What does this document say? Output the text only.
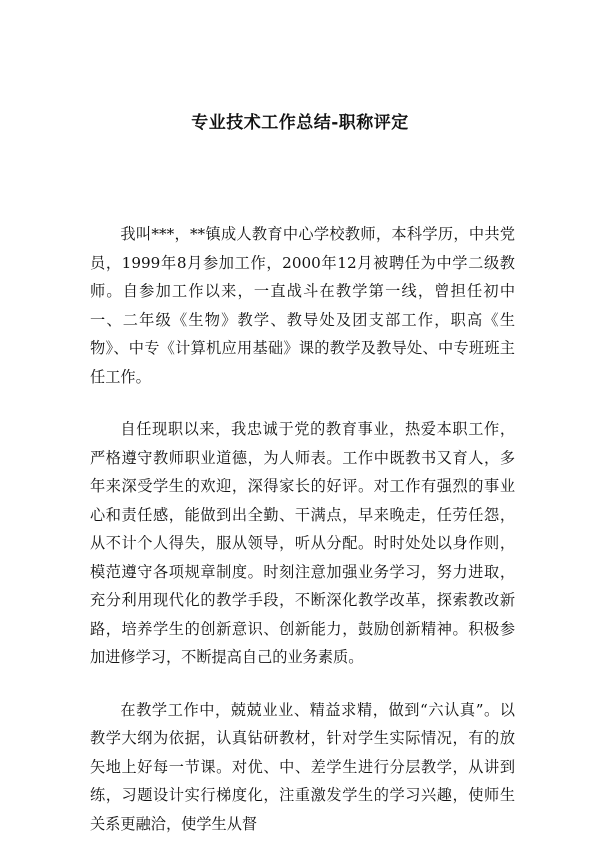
专业技术工作总结-职称评定

我叫***，**镇成人教育中心学校教师，本科学历，中共党员，1999年8月参加工作，2000年12月被聘任为中学二级教师。自参加工作以来，一直战斗在教学第一线，曾担任初中一、二年级《生物》教学、教导处及团支部工作，职高《生物》、中专《计算机应用基础》课的教学及教导处、中专班班主任工作。

自任现职以来，我忠诚于党的教育事业，热爱本职工作，严格遵守教师职业道德，为人师表。工作中既教书又育人，多年来深受学生的欢迎，深得家长的好评。对工作有强烈的事业心和责任感，能做到出全勤、干满点，早来晚走，任劳任怨，从不计个人得失，服从领导，听从分配。时时处处以身作则，模范遵守各项规章制度。时刻注意加强业务学习，努力进取，充分利用现代化的教学手段，不断深化教学改革，探索教改新路，培养学生的创新意识、创新能力，鼓励创新精神。积极参加进修学习，不断提高自己的业务素质。

在教学工作中，兢兢业业、精益求精，做到“六认真”。以教学大纲为依据，认真钻研教材，针对学生实际情况，有的放矢地上好每一节课。对优、中、差学生进行分层教学，从讲到练，习题设计实行梯度化，注重激发学生的学习兴趣，使师生关系更融洽，使学生从督
